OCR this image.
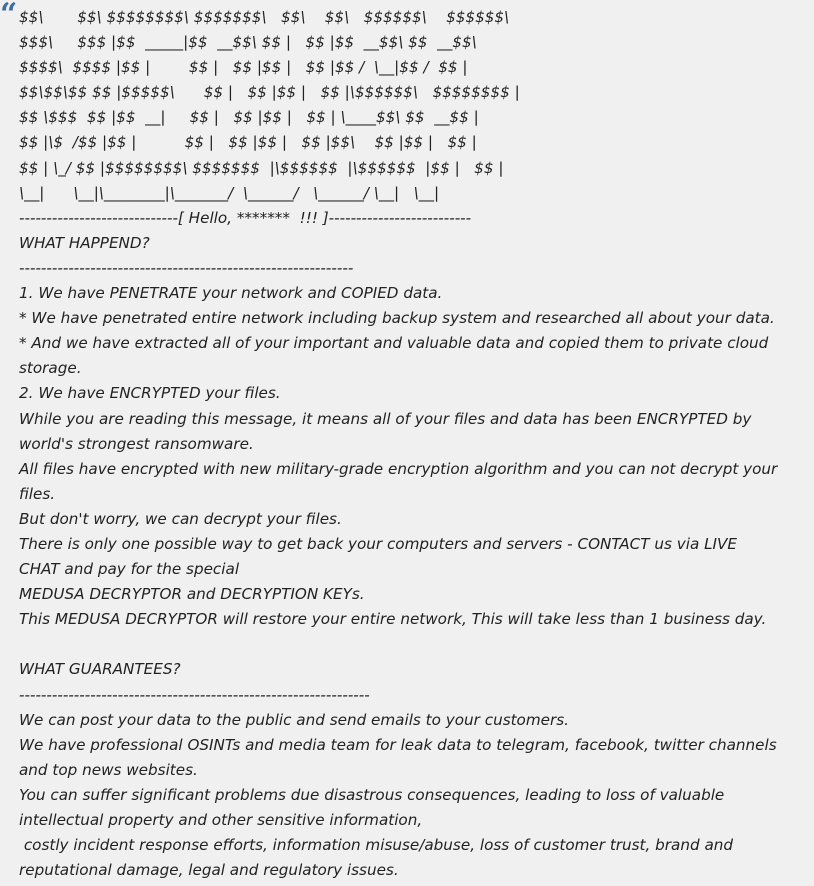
“ $$\       $$\ $$$$$$$$\ $$$$$$$\   $$\    $$\   $$$$$$\    $$$$$$\
$$$\     $$$ |$$  _____|$$  __$$\ $$ |   $$ |$$  __$$\ $$  __$$\
$$$$\  $$$$ |$$ |        $$ |   $$ |$$ |   $$ |$$ /  \__|$$ /  $$ |
$$\$$\$$ $$ |$$$$$\      $$ |   $$ |$$ |   $$ |\$$$$$$\   $$$$$$$$ |
$$ \$$$  $$ |$$  __|     $$ |   $$ |$$ |   $$ | \____$$\ $$  __$$ |
$$ |\$  /$$ |$$ |          $$ |   $$ |$$ |   $$ |$$\    $$ |$$ |   $$ |
$$ | \_/ $$ |$$$$$$$$\ $$$$$$$  |\$$$$$$  |\$$$$$$  |$$ |   $$ |
\__|      \__|\________|\_______/  \______/   \______/ \__|   \__|
-----------------------------[ Hello, *******  !!! ]--------------------------
WHAT HAPPEND?
-------------------------------------------------------------
1. We have PENETRATE your network and COPIED data.
* We have penetrated entire network including backup system and researched all about your data.
* And we have extracted all of your important and valuable data and copied them to private cloud
storage.
2. We have ENCRYPTED your files.
While you are reading this message, it means all of your files and data has been ENCRYPTED by
world's strongest ransomware.
All files have encrypted with new military-grade encryption algorithm and you can not decrypt your
files.
But don't worry, we can decrypt your files.
There is only one possible way to get back your computers and servers - CONTACT us via LIVE
CHAT and pay for the special
MEDUSA DECRYPTOR and DECRYPTION KEYs.
This MEDUSA DECRYPTOR will restore your entire network, This will take less than 1 business day.
WHAT GUARANTEES?
----------------------------------------------------------------
We can post your data to the public and send emails to your customers.
We have professional OSINTs and media team for leak data to telegram, facebook, twitter channels
and top news websites.
You can suffer significant problems due disastrous consequences, leading to loss of valuable
intellectual property and other sensitive information,
costly incident response efforts, information misuse/abuse, loss of customer trust, brand and
reputational damage, legal and regulatory issues.
